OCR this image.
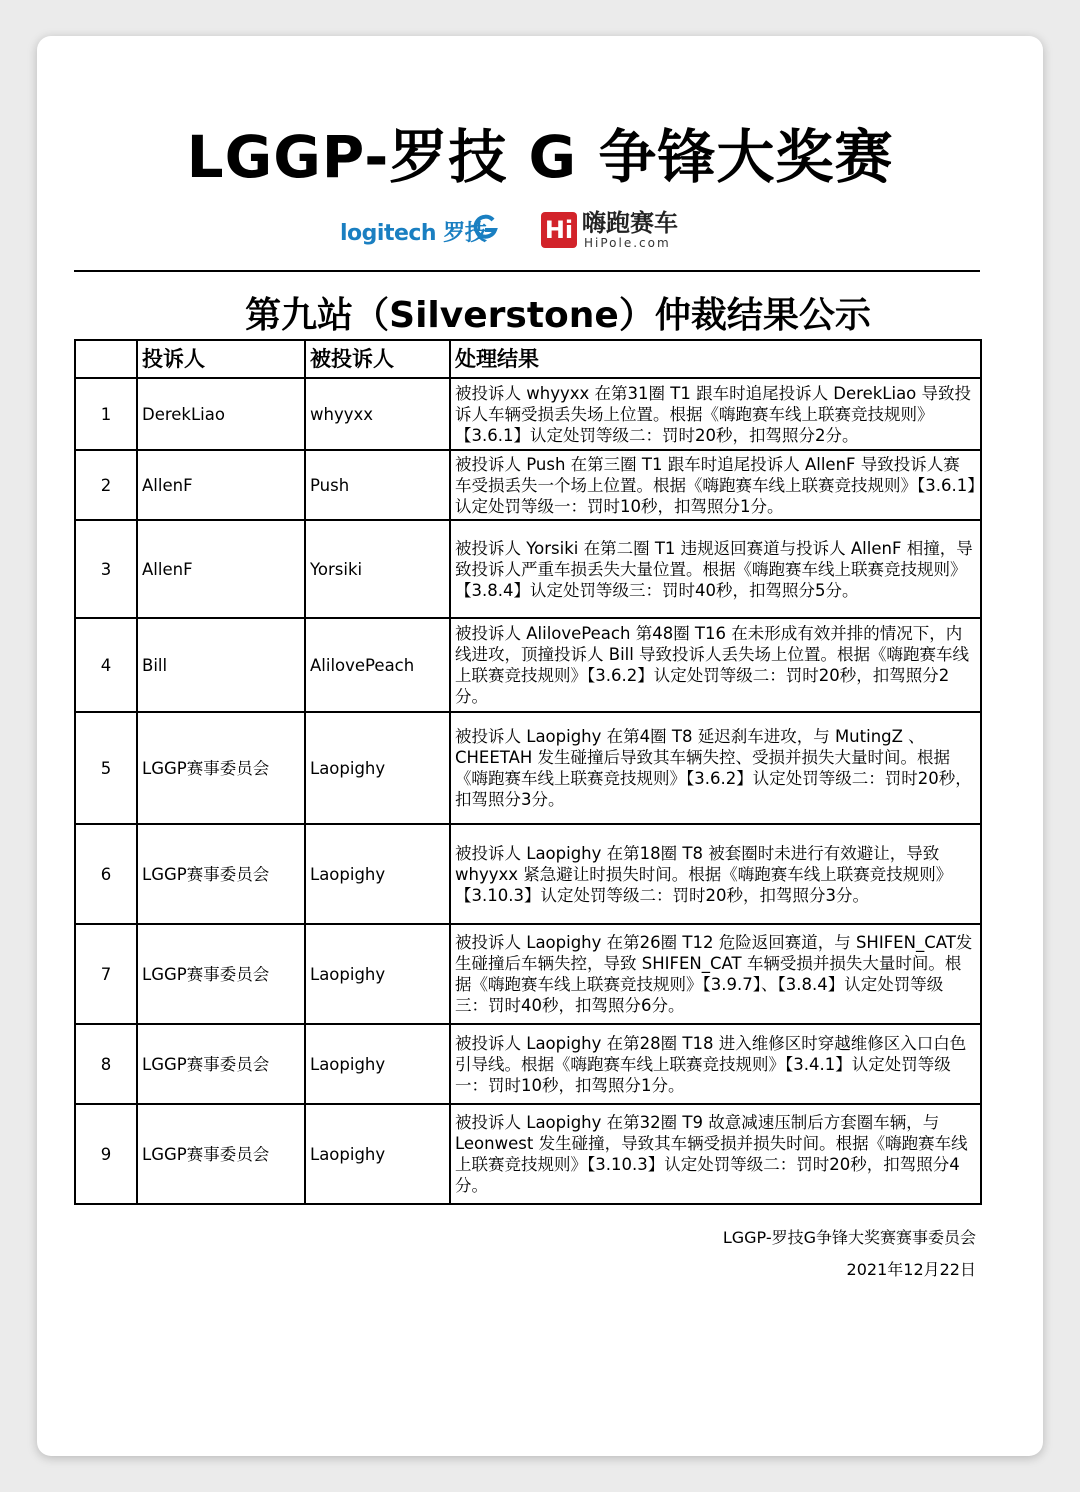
LGGP-罗技 G 争锋大奖赛
logitech 罗技 Hi 嗨跑赛车
HiPole.com
第九站（Silverstone）仲裁结果公示
	投诉人	被投诉人	处理结果
1	DerekLiao	whyyxx	被投诉人 whyyxx 在第31圈 T1 跟车时追尾投诉人 DerekLiao 导致投诉人车辆受损丢失场上位置。根据《嗨跑赛车线上联赛竞技规则》【3.6.1】认定处罚等级二：罚时20秒，扣驾照分2分。
2	AllenF	Push	被投诉人 Push 在第三圈 T1 跟车时追尾投诉人 AllenF 导致投诉人赛车受损丢失一个场上位置。根据《嗨跑赛车线上联赛竞技规则》【3.6.1】认定处罚等级一：罚时10秒，扣驾照分1分。
3	AllenF	Yorsiki	被投诉人 Yorsiki 在第二圈 T1 违规返回赛道与投诉人 AllenF 相撞，导致投诉人严重车损丢失大量位置。根据《嗨跑赛车线上联赛竞技规则》【3.8.4】认定处罚等级三：罚时40秒，扣驾照分5分。
4	Bill	AlilovePeach	被投诉人 AlilovePeach 第48圈 T16 在未形成有效并排的情况下，内线进攻，顶撞投诉人 Bill 导致投诉人丢失场上位置。根据《嗨跑赛车线上联赛竞技规则》【3.6.2】认定处罚等级二：罚时20秒，扣驾照分2分。
5	LGGP赛事委员会	Laopighy	被投诉人 Laopighy 在第4圈 T8 延迟刹车进攻，与 MutingZ 、CHEETAH 发生碰撞后导致其车辆失控、受损并损失大量时间。根据《嗨跑赛车线上联赛竞技规则》【3.6.2】认定处罚等级二：罚时20秒，扣驾照分3分。
6	LGGP赛事委员会	Laopighy	被投诉人 Laopighy 在第18圈 T8 被套圈时未进行有效避让，导致 whyyxx 紧急避让时损失时间。根据《嗨跑赛车线上联赛竞技规则》【3.10.3】认定处罚等级二：罚时20秒，扣驾照分3分。
7	LGGP赛事委员会	Laopighy	被投诉人 Laopighy 在第26圈 T12 危险返回赛道，与 SHIFEN_CAT发生碰撞后车辆失控，导致 SHIFEN_CAT 车辆受损并损失大量时间。根据《嗨跑赛车线上联赛竞技规则》【3.9.7】、【3.8.4】认定处罚等级三：罚时40秒，扣驾照分6分。
8	LGGP赛事委员会	Laopighy	被投诉人 Laopighy 在第28圈 T18 进入维修区时穿越维修区入口白色引导线。根据《嗨跑赛车线上联赛竞技规则》【3.4.1】认定处罚等级一：罚时10秒，扣驾照分1分。
9	LGGP赛事委员会	Laopighy	被投诉人 Laopighy 在第32圈 T9 故意减速压制后方套圈车辆，与 Leonwest 发生碰撞，导致其车辆受损并损失时间。根据《嗨跑赛车线上联赛竞技规则》【3.10.3】认定处罚等级二：罚时20秒，扣驾照分4分。
LGGP-罗技G争锋大奖赛赛事委员会
2021年12月22日
